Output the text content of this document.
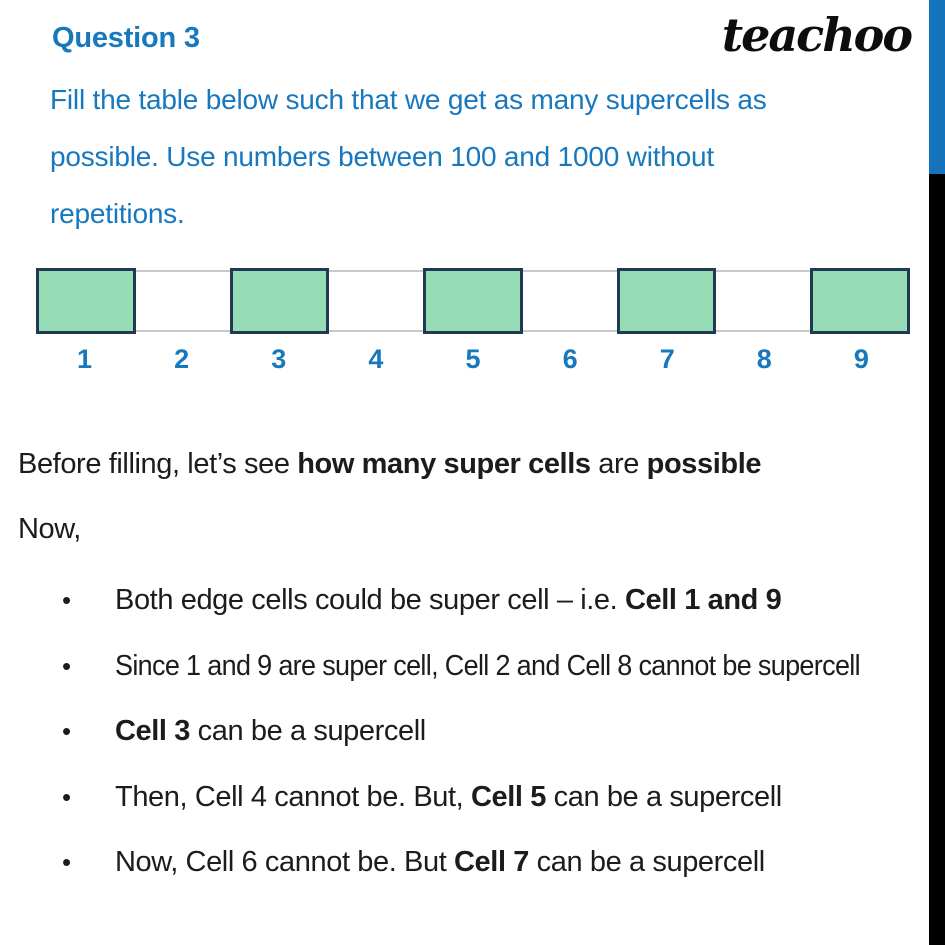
Question 3	teachoo
Fill the table below such that we get as many supercells as
possible. Use numbers between 100 and 1000 without
repetitions.
1	2	3	4	5	6	7	8	9
Before filling, let’s see how many super cells are possible
Now,
• Both edge cells could be super cell – i.e. Cell 1 and 9
• Since 1 and 9 are super cell, Cell 2 and Cell 8 cannot be supercell
• Cell 3 can be a supercell
• Then, Cell 4 cannot be. But, Cell 5 can be a supercell
• Now, Cell 6 cannot be. But Cell 7 can be a supercell
